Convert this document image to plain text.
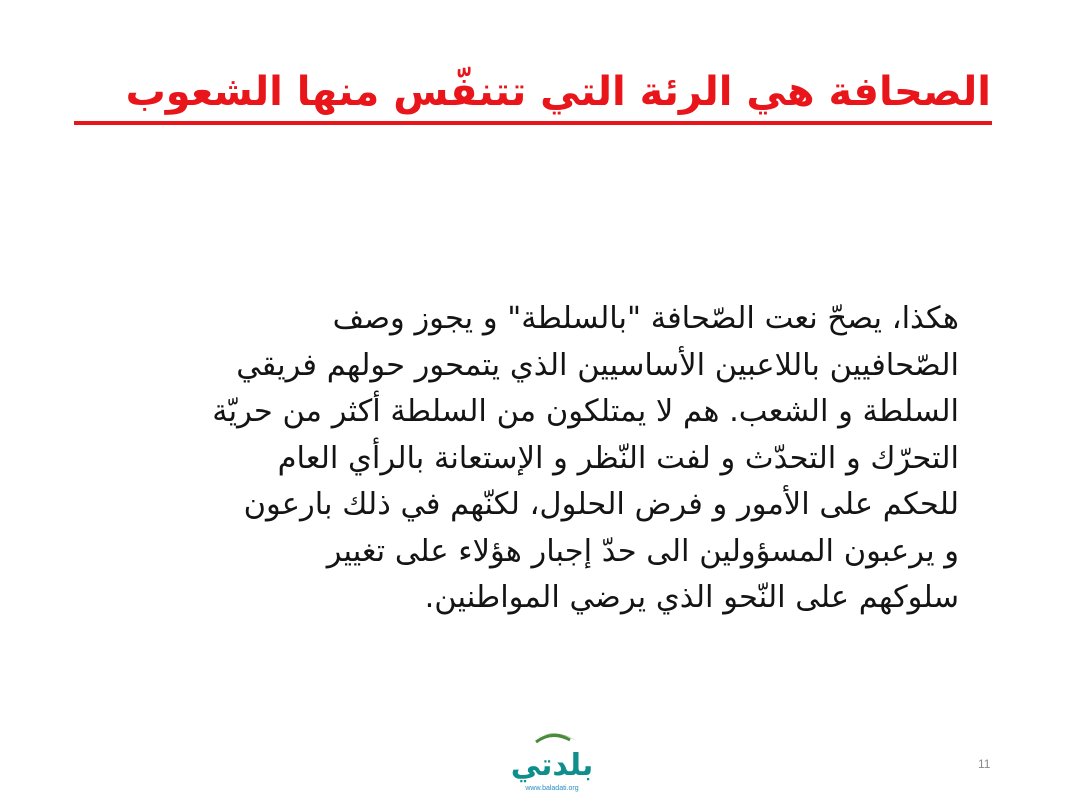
الصحافة هي الرئة التي تتنفّس منها الشعوب
هكذا، يصحّ نعت الصّحافة "بالسلطة" و يجوز وصف
الصّحافيين باللاعبين الأساسيين الذي يتمحور حولهم فريقي
السلطة و الشعب. هم لا يمتلكون من السلطة أكثر من حريّة
التحرّك و التحدّث و لفت النّظر و الإستعانة بالرأي العام
للحكم على الأمور و فرض الحلول، لكنّهم في ذلك بارعون
و يرعبون المسؤولين الى حدّ إجبار هؤلاء على تغيير
سلوكهم على النّحو الذي يرضي المواطنين.
بلدتي
www.baladati.org
11
